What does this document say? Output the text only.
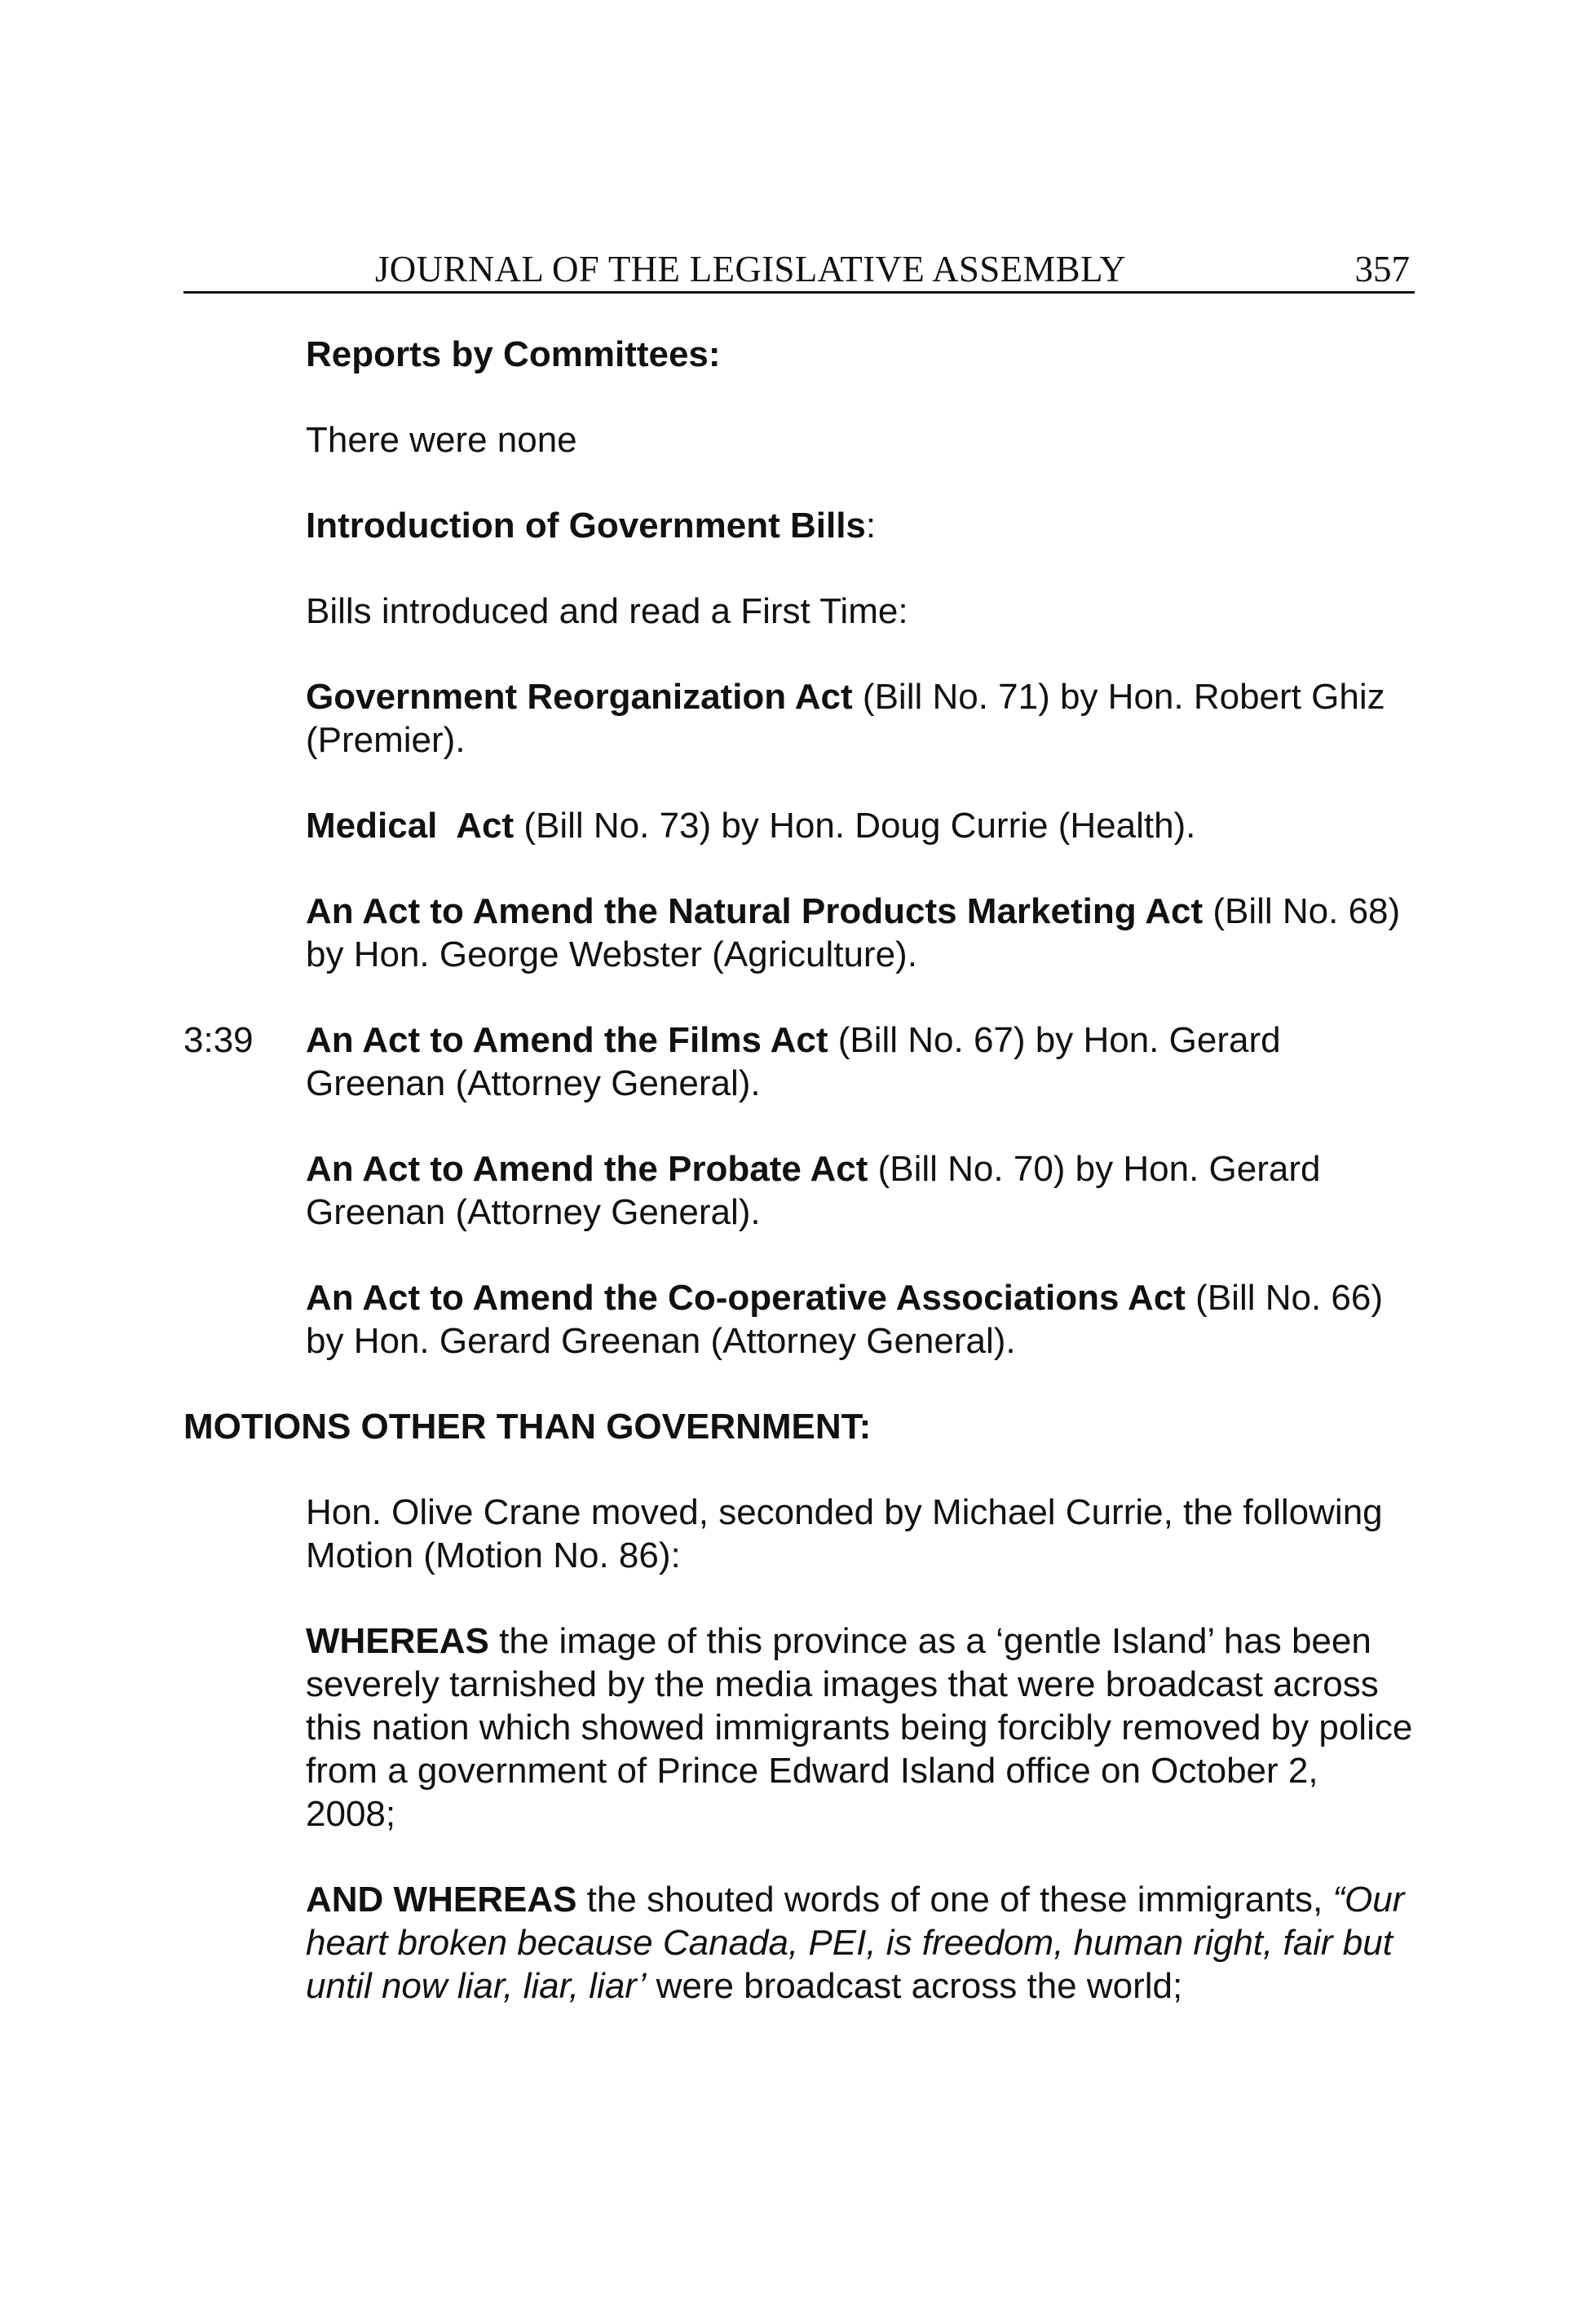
JOURNAL OF THE LEGISLATIVE ASSEMBLY	357

Reports by Committees:

There were none

Introduction of Government Bills:

Bills introduced and read a First Time:

Government Reorganization Act (Bill No. 71) by Hon. Robert Ghiz (Premier).

Medical  Act (Bill No. 73) by Hon. Doug Currie (Health).

An Act to Amend the Natural Products Marketing Act (Bill No. 68) by Hon. George Webster (Agriculture).

3:39 An Act to Amend the Films Act (Bill No. 67) by Hon. Gerard Greenan (Attorney General).

An Act to Amend the Probate Act (Bill No. 70) by Hon. Gerard Greenan (Attorney General).

An Act to Amend the Co-operative Associations Act (Bill No. 66) by Hon. Gerard Greenan (Attorney General).

MOTIONS OTHER THAN GOVERNMENT:

Hon. Olive Crane moved, seconded by Michael Currie, the following Motion (Motion No. 86):

WHEREAS the image of this province as a ‘gentle Island’ has been severely tarnished by the media images that were broadcast across this nation which showed immigrants being forcibly removed by police from a government of Prince Edward Island office on October 2, 2008;

AND WHEREAS the shouted words of one of these immigrants, “Our heart broken because Canada, PEI, is freedom, human right, fair but until now liar, liar, liar’ were broadcast across the world;
